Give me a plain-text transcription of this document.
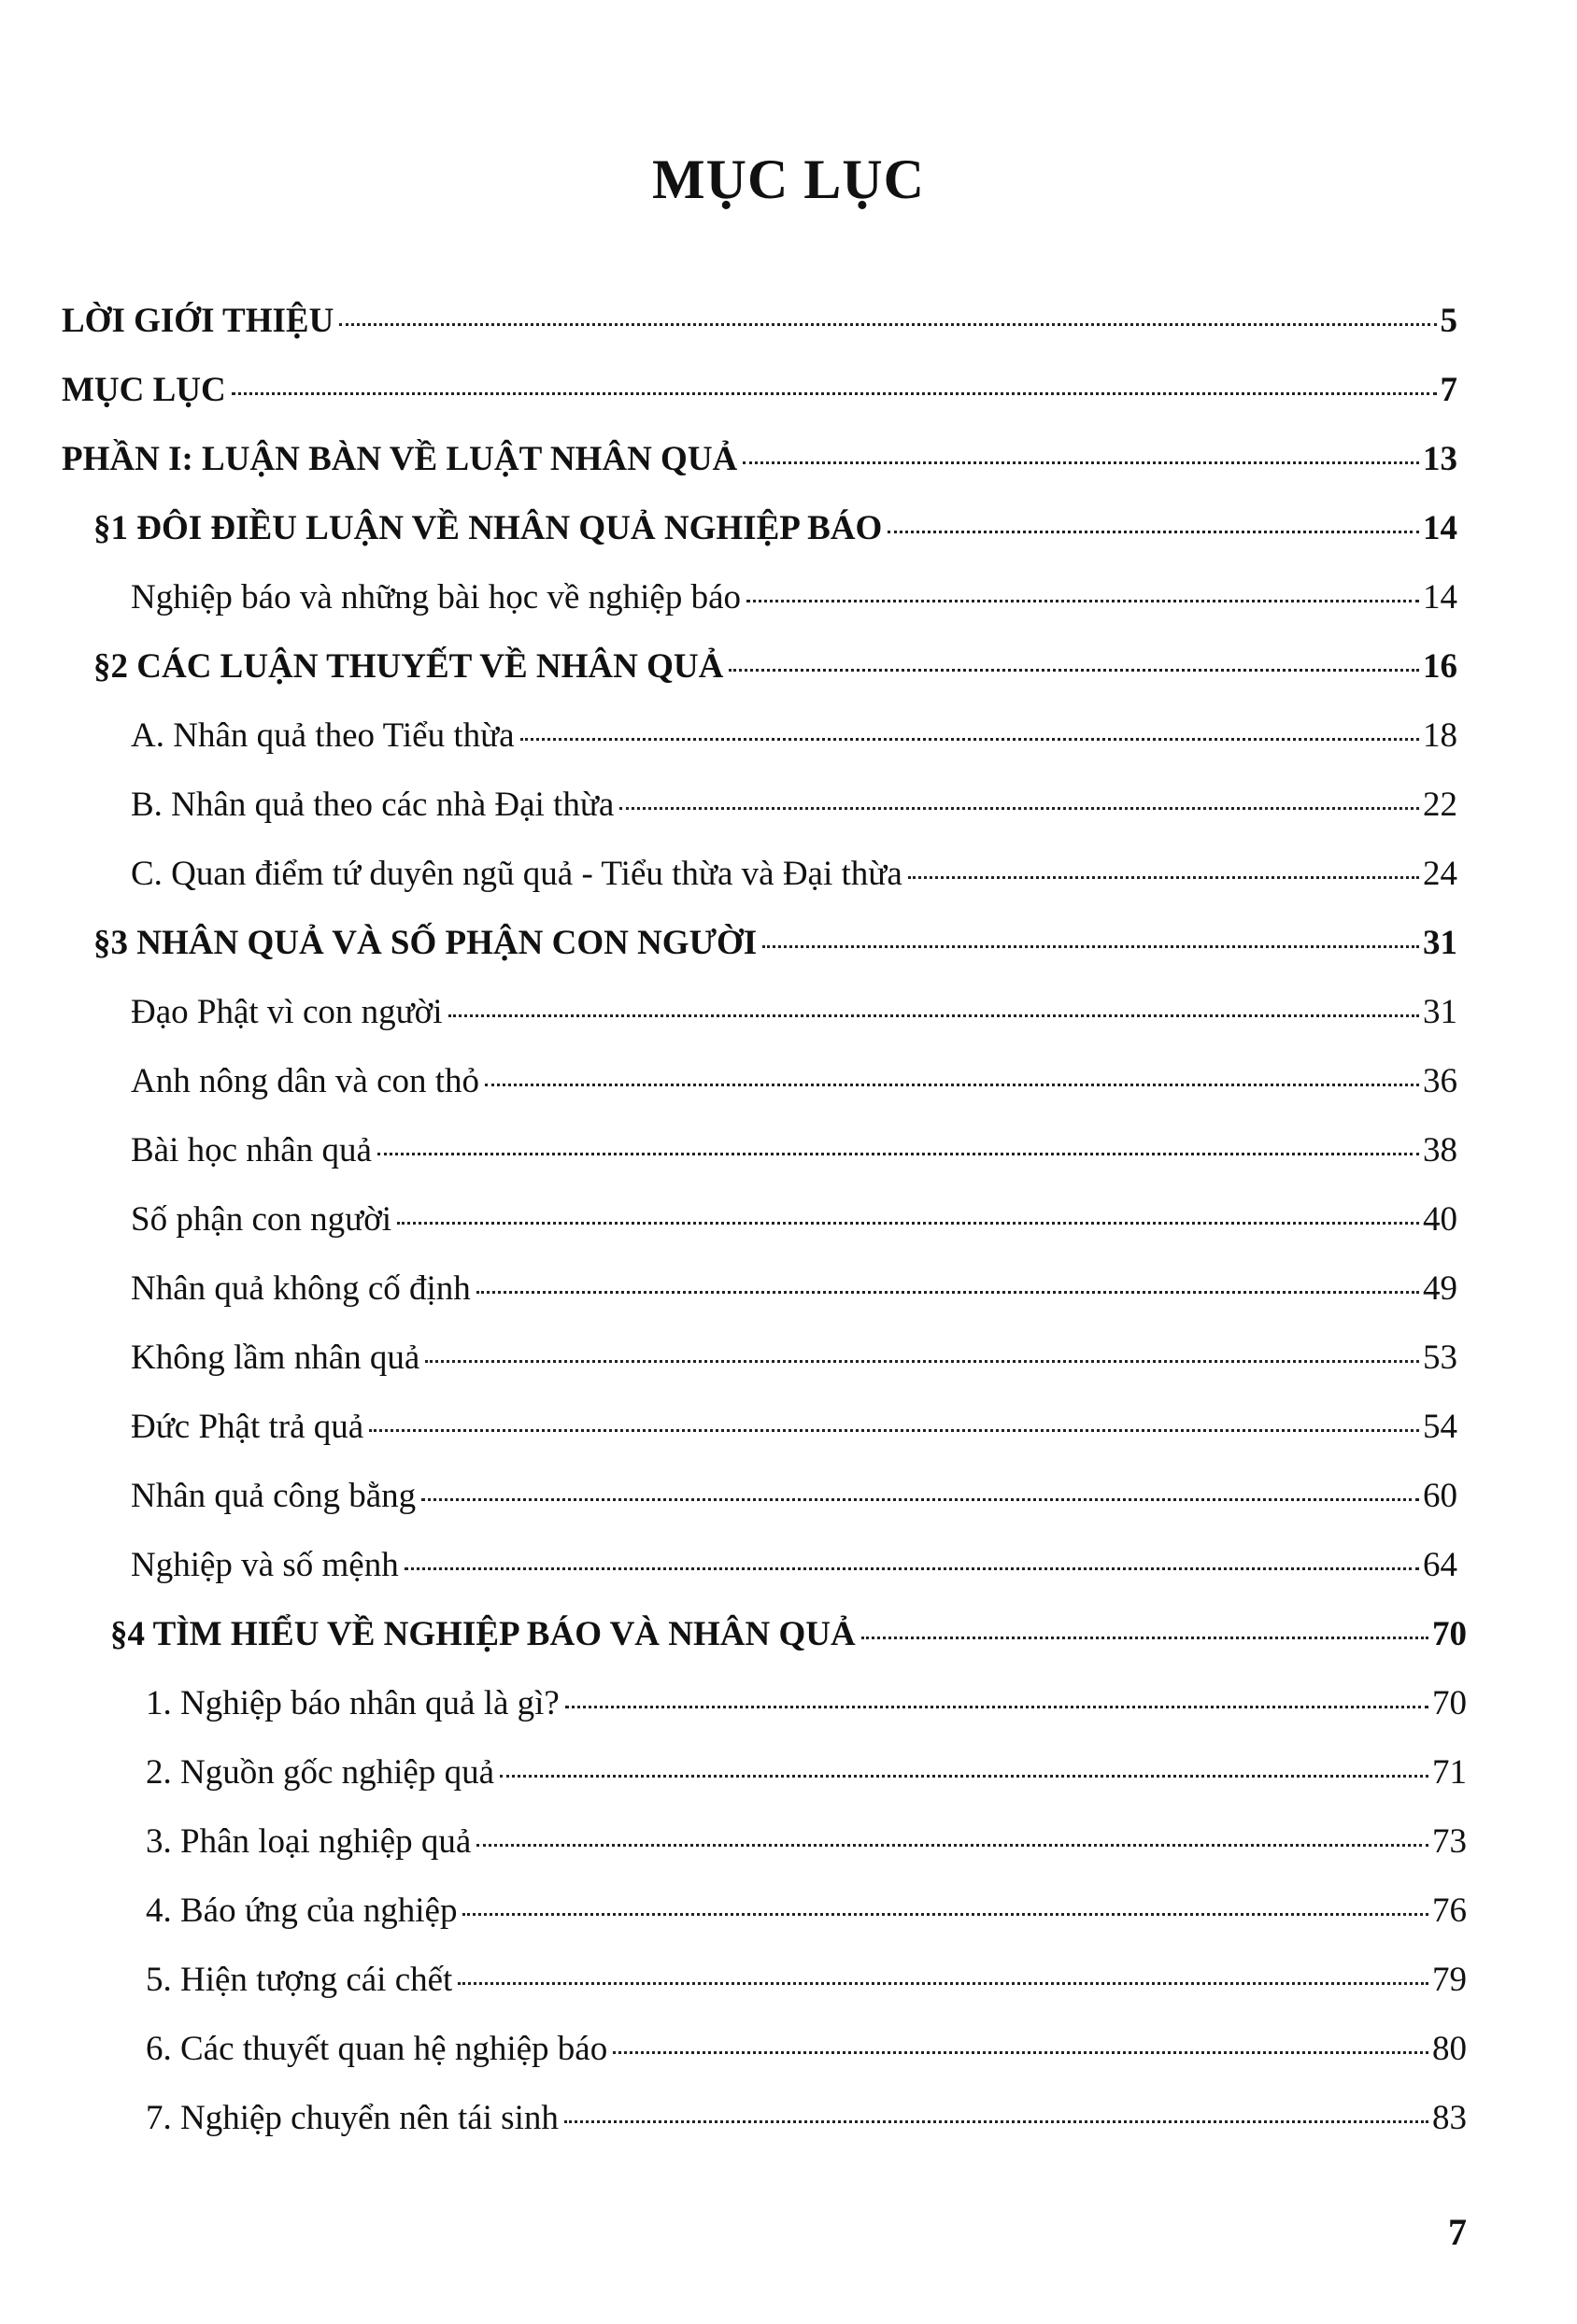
MỤC LỤC
LỜI GIỚI THIỆU	5
MỤC LỤC	7
PHẦN I: LUẬN BÀN VỀ LUẬT NHÂN QUẢ	13
§1 ĐÔI ĐIỀU LUẬN VỀ NHÂN QUẢ NGHIỆP BÁO	14
Nghiệp báo và những bài học về nghiệp báo	14
§2 CÁC LUẬN THUYẾT VỀ NHÂN QUẢ	16
A. Nhân quả theo Tiểu thừa	18
B. Nhân quả theo các nhà Đại thừa	22
C. Quan điểm tứ duyên ngũ quả - Tiểu thừa và Đại thừa	24
§3 NHÂN QUẢ VÀ SỐ PHẬN CON NGƯỜI	31
Đạo Phật vì con người	31
Anh nông dân và con thỏ	36
Bài học nhân quả	38
Số phận con người	40
Nhân quả không cố định	49
Không lầm nhân quả	53
Đức Phật trả quả	54
Nhân quả công bằng	60
Nghiệp và số mệnh	64
§4 TÌM HIỂU VỀ NGHIỆP BÁO VÀ NHÂN QUẢ	70
1. Nghiệp báo nhân quả là gì?	70
2. Nguồn gốc nghiệp quả	71
3. Phân loại nghiệp quả	73
4. Báo ứng của nghiệp	76
5. Hiện tượng cái chết	79
6. Các thuyết quan hệ nghiệp báo	80
7. Nghiệp chuyển nên tái sinh	83
7
